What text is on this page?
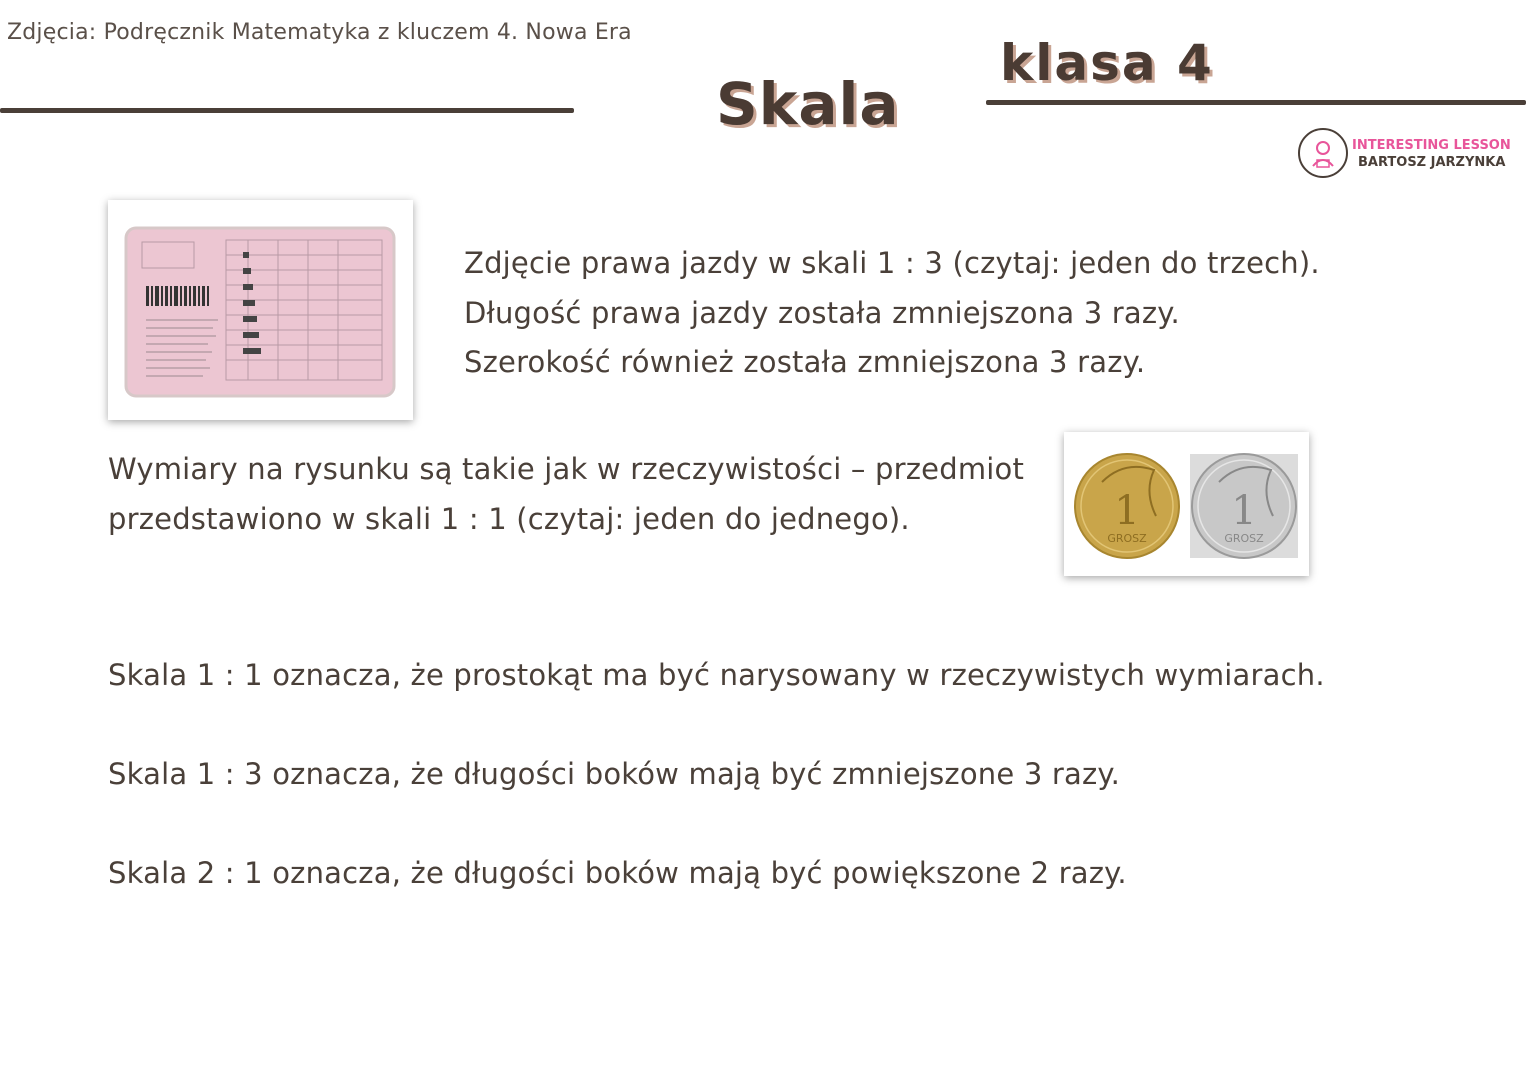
Zdjęcia: Podręcznik Matematyka z kluczem 4. Nowa Era
Skala
klasa 4
INTERESTING LESSON
BARTOSZ JARZYNKA
Zdjęcie prawa jazdy w skali 1 : 3 (czytaj: jeden do trzech).
Długość prawa jazdy została zmniejszona 3 razy.
Szerokość również została zmniejszona 3 razy.
Wymiary na rysunku są takie jak w rzeczywistości – przedmiot
przedstawiono w skali 1 : 1 (czytaj: jeden do jednego).	1
GROSZ
1
GROSZ
Skala 1 : 1 oznacza, że prostokąt ma być narysowany w rzeczywistych wymiarach.
Skala 1 : 3 oznacza, że długości boków mają być zmniejszone 3 razy.
Skala 2 : 1 oznacza, że długości boków mają być powiększone 2 razy.
